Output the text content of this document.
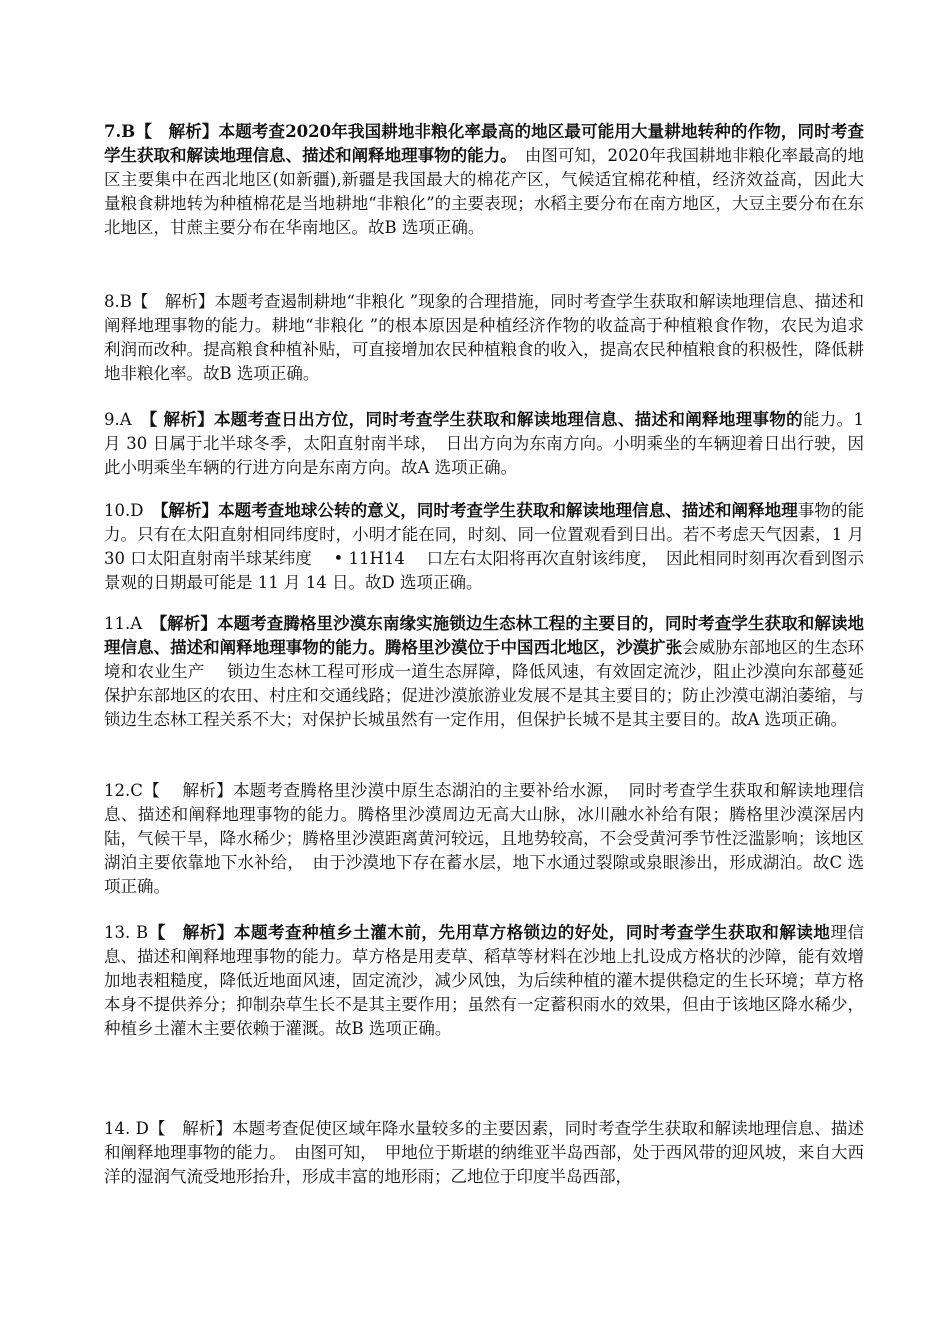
7.B【　解析】本题考查2020年我国耕地非粮化率最高的地区最可能用大量耕地转种的作物，同时考查学生获取和解读地理信息、描述和阐释地理事物的能力。　由图可知，2020年我国耕地非粮化率最高的地区主要集中在西北地区(如新疆),新疆是我国最大的棉花产区，气候适宜棉花种植，经济效益高，因此大量粮食耕地转为种植棉花是当地耕地“非粮化”的主要表现；水稻主要分布在南方地区，大豆主要分布在东北地区，甘蔗主要分布在华南地区。故B 选项正确。

8.B【　解析】本题考查遏制耕地“非粮化 ”现象的合理措施，同时考查学生获取和解读地理信息、描述和阐释地理事物的能力。耕地“非粮化 ”的根本原因是种植经济作物的收益高于种植粮食作物，农民为追求利润而改种。提高粮食种植补贴，可直接增加农民种植粮食的收入，提高农民种植粮食的积极性，降低耕地非粮化率。故B 选项正确。

9.A　【 解析】本题考查日出方位，同时考查学生获取和解读地理信息、描述和阐释地理事物的能力。1 月 30 日属于北半球冬季，太阳直射南半球，　日出方向为东南方向。小明乘坐的车辆迎着日出行驶，因此小明乘坐车辆的行进方向是东南方向。故A 选项正确。

10.D　【解析】本题考查地球公转的意义，同时考查学生获取和解读地理信息、描述和阐释地理事物的能力。只有在太阳直射相同纬度时，小明才能在同，时刻、同一位置观看到日出。若不考虑天气因素，1 月 30 口太阳直射南半球某纬度　 • 11H14　 口左右太阳将再次直射该纬度，　因此相同时刻再次看到图示景观的日期最可能是 11 月 14 日。故D 选项正确。

11.A　【解析】本题考查腾格里沙漠东南缘实施锁边生态林工程的主要目的，同时考查学生获取和解读地理信息、描述和阐释地理事物的能力。腾格里沙漠位于中国西北地区，沙漠扩张会威胁东部地区的生态环境和农业生产　 锁边生态林工程可形成一道生态屏障，降低风速，有效固定流沙，阻止沙漠向东部蔓延　 保护东部地区的农田、村庄和交通线路；促进沙漠旅游业发展不是其主要目的；防止沙漠屯湖泊萎缩，与锁边生态林工程关系不大；对保护长城虽然有一定作用，但保护长城不是其主要目的。故A 选项正确。

12.C【　 解析】本题考查腾格里沙漠中原生态湖泊的主要补给水源，　同时考查学生获取和解读地理信息、描述和阐释地理事物的能力。腾格里沙漠周边无高大山脉，冰川融水补给有限；腾格里沙漠深居内陆，气候干旱，降水稀少；腾格里沙漠距离黄河较远，且地势较高，不会受黄河季节性泛滥影响；该地区湖泊主要依靠地下水补给，　由于沙漠地下存在蓄水层，地下水通过裂隙或泉眼渗出，形成湖泊。故C 选项正确。

13. B【　解析】本题考查种植乡土灌木前，先用草方格锁边的好处，同时考查学生获取和解读地理信息、描述和阐释地理事物的能力。草方格是用麦草、稻草等材料在沙地上扎设成方格状的沙障，能有效增加地表粗糙度，降低近地面风速，固定流沙，减少风蚀，为后续种植的灌木提供稳定的生长环境；草方格本身不提供养分；抑制杂草生长不是其主要作用；虽然有一定蓄积雨水的效果，但由于该地区降水稀少，种植乡土灌木主要依赖于灌溉。故B 选项正确。

14. D【　解析】本题考查促使区域年降水量较多的主要因素，同时考查学生获取和解读地理信息、描述和阐释地理事物的能力。　由图可知，　甲地位于斯堪的纳维亚半岛西部，处于西风带的迎风坡，来自大西洋的湿润气流受地形抬升，形成丰富的地形雨；乙地位于印度半岛西部，
